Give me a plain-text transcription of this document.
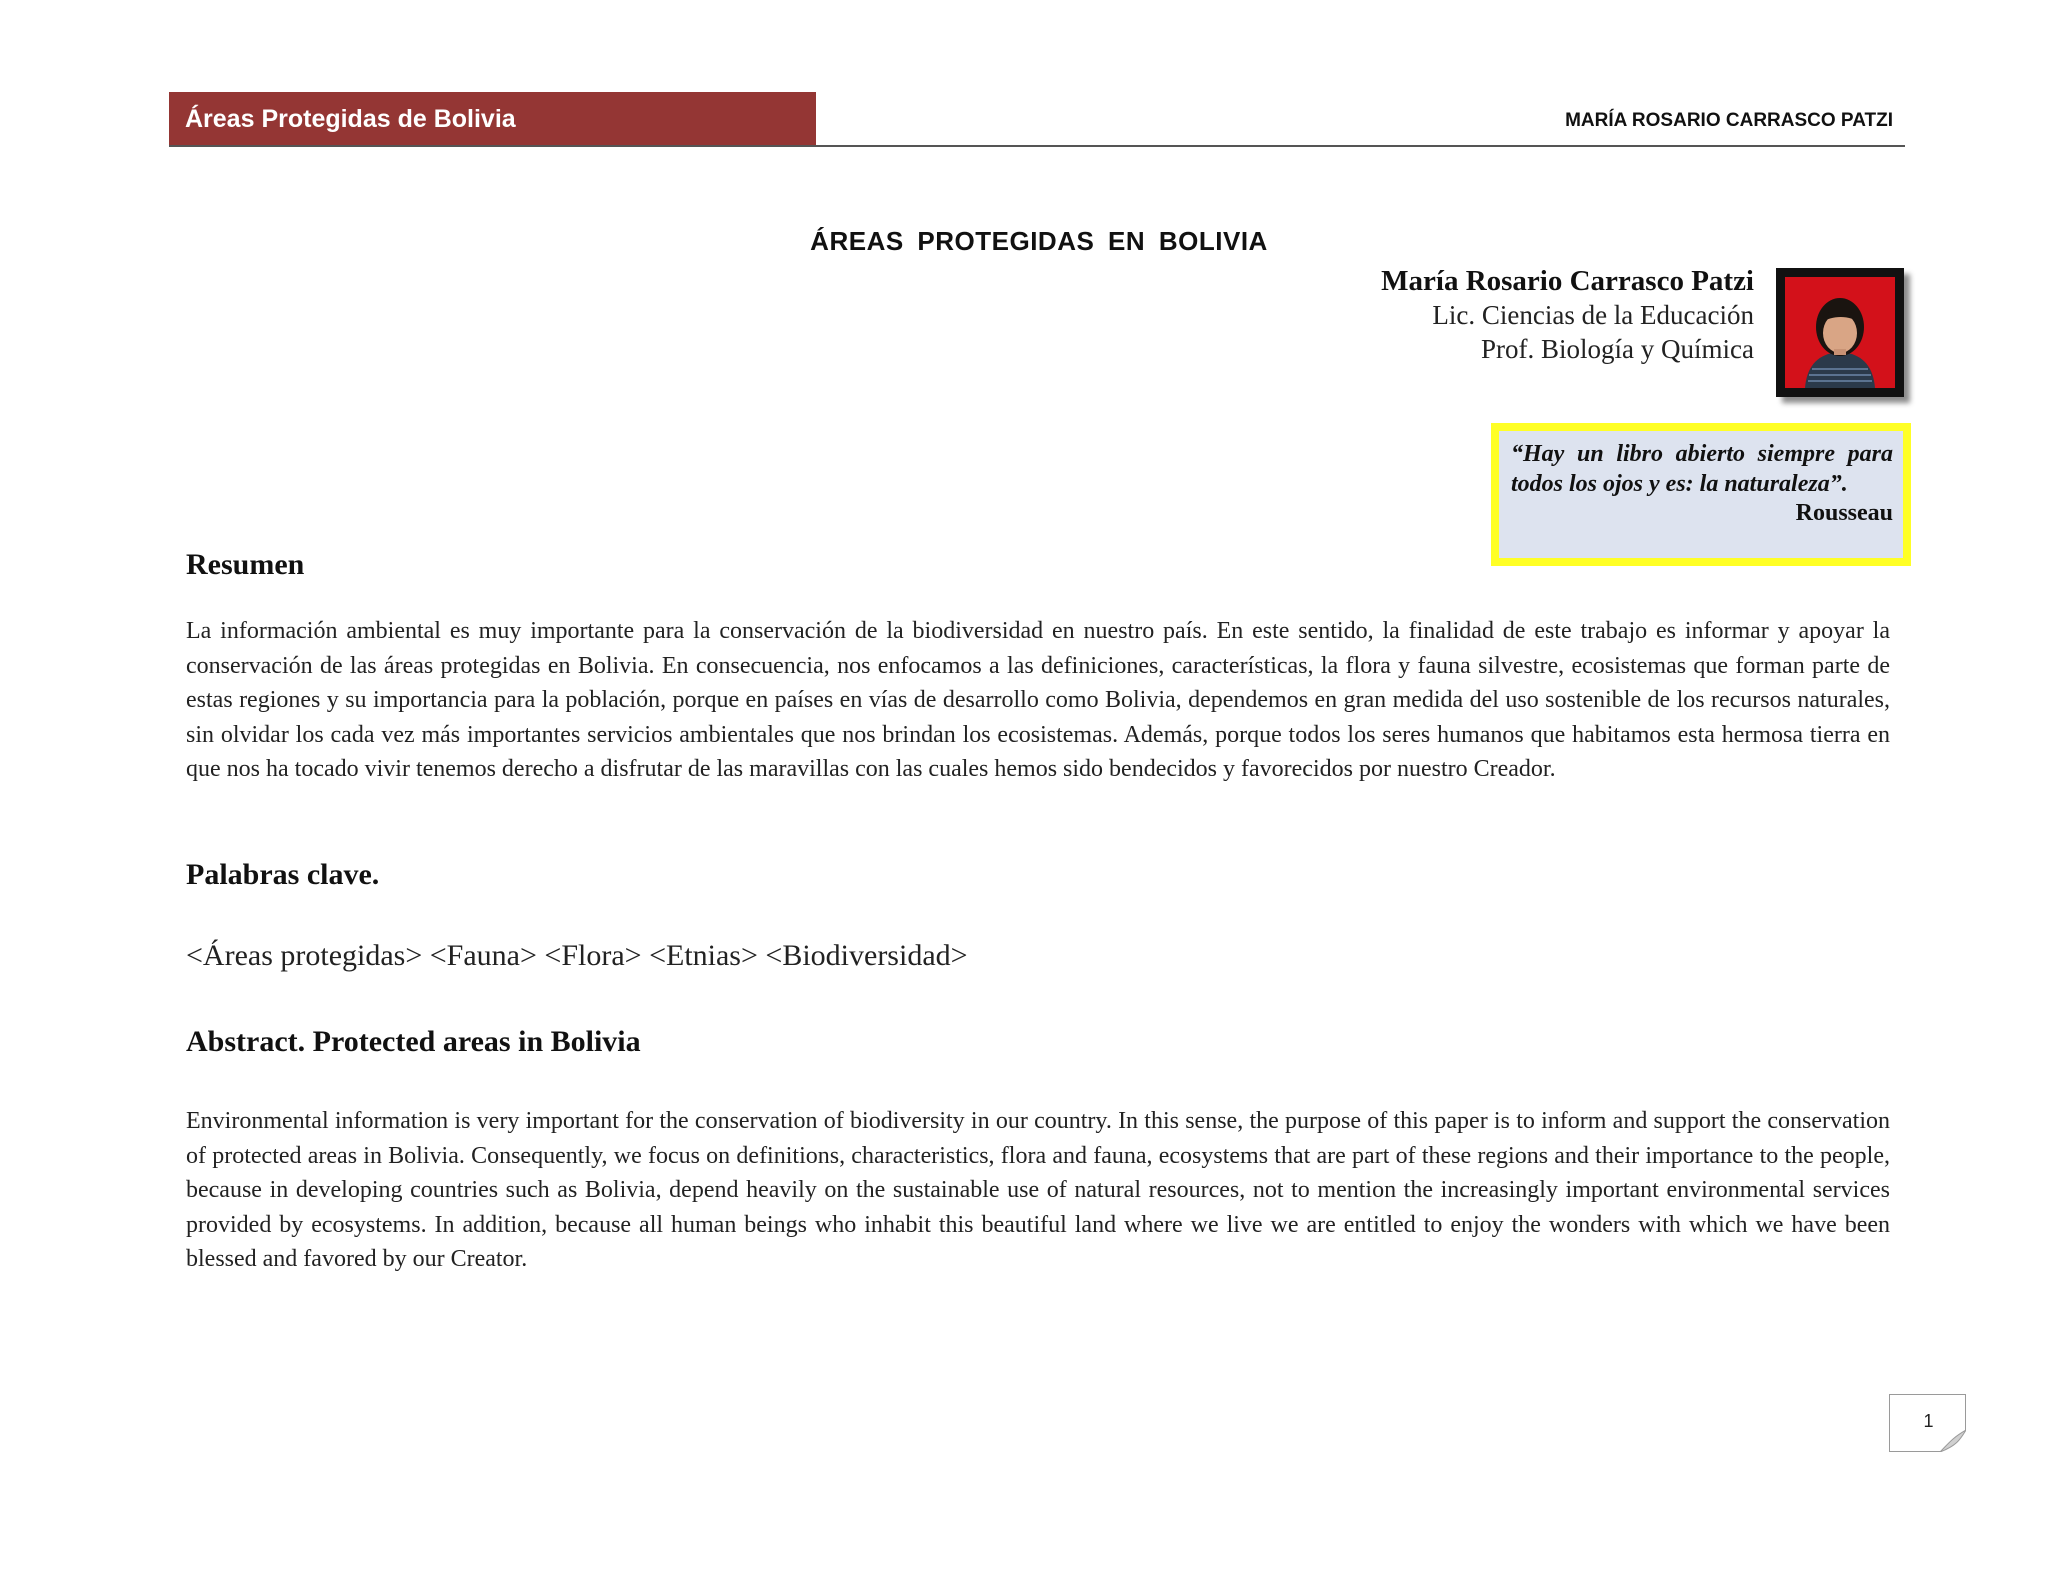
Áreas Protegidas de Bolivia	MARÍA ROSARIO CARRASCO PATZI
ÁREAS PROTEGIDAS EN BOLIVIA
María Rosario Carrasco Patzi
Lic. Ciencias de la Educación
Prof. Biología y Química
“Hay un libro abierto siempre para todos los ojos y es: la naturaleza”.
Rousseau
Resumen
La información ambiental es muy importante para la conservación de la biodiversidad en nuestro país. En este sentido, la finalidad de este trabajo es informar y apoyar la conservación de las áreas protegidas en Bolivia. En consecuencia, nos enfocamos a las definiciones, características, la flora y fauna silvestre, ecosistemas que forman parte de estas regiones y su importancia para la población, porque en países en vías de desarrollo como Bolivia, dependemos en gran medida del uso sostenible de los recursos naturales, sin olvidar los cada vez más importantes servicios ambientales que nos brindan los ecosistemas. Además, porque todos los seres humanos que habitamos esta hermosa tierra en que nos ha tocado vivir tenemos derecho a disfrutar de las maravillas con las cuales hemos sido bendecidos y favorecidos por nuestro Creador.
Palabras clave.
<Áreas protegidas> <Fauna> <Flora> <Etnias> <Biodiversidad>
Abstract. Protected areas in Bolivia
Environmental information is very important for the conservation of biodiversity in our country. In this sense, the purpose of this paper is to inform and support the conservation of protected areas in Bolivia. Consequently, we focus on definitions, characteristics, flora and fauna, ecosystems that are part of these regions and their importance to the people, because in developing countries such as Bolivia, depend heavily on the sustainable use of natural resources, not to mention the increasingly important environmental services provided by ecosystems. In addition, because all human beings who inhabit this beautiful land where we live we are entitled to enjoy the wonders with which we have been blessed and favored by our Creator.
1
